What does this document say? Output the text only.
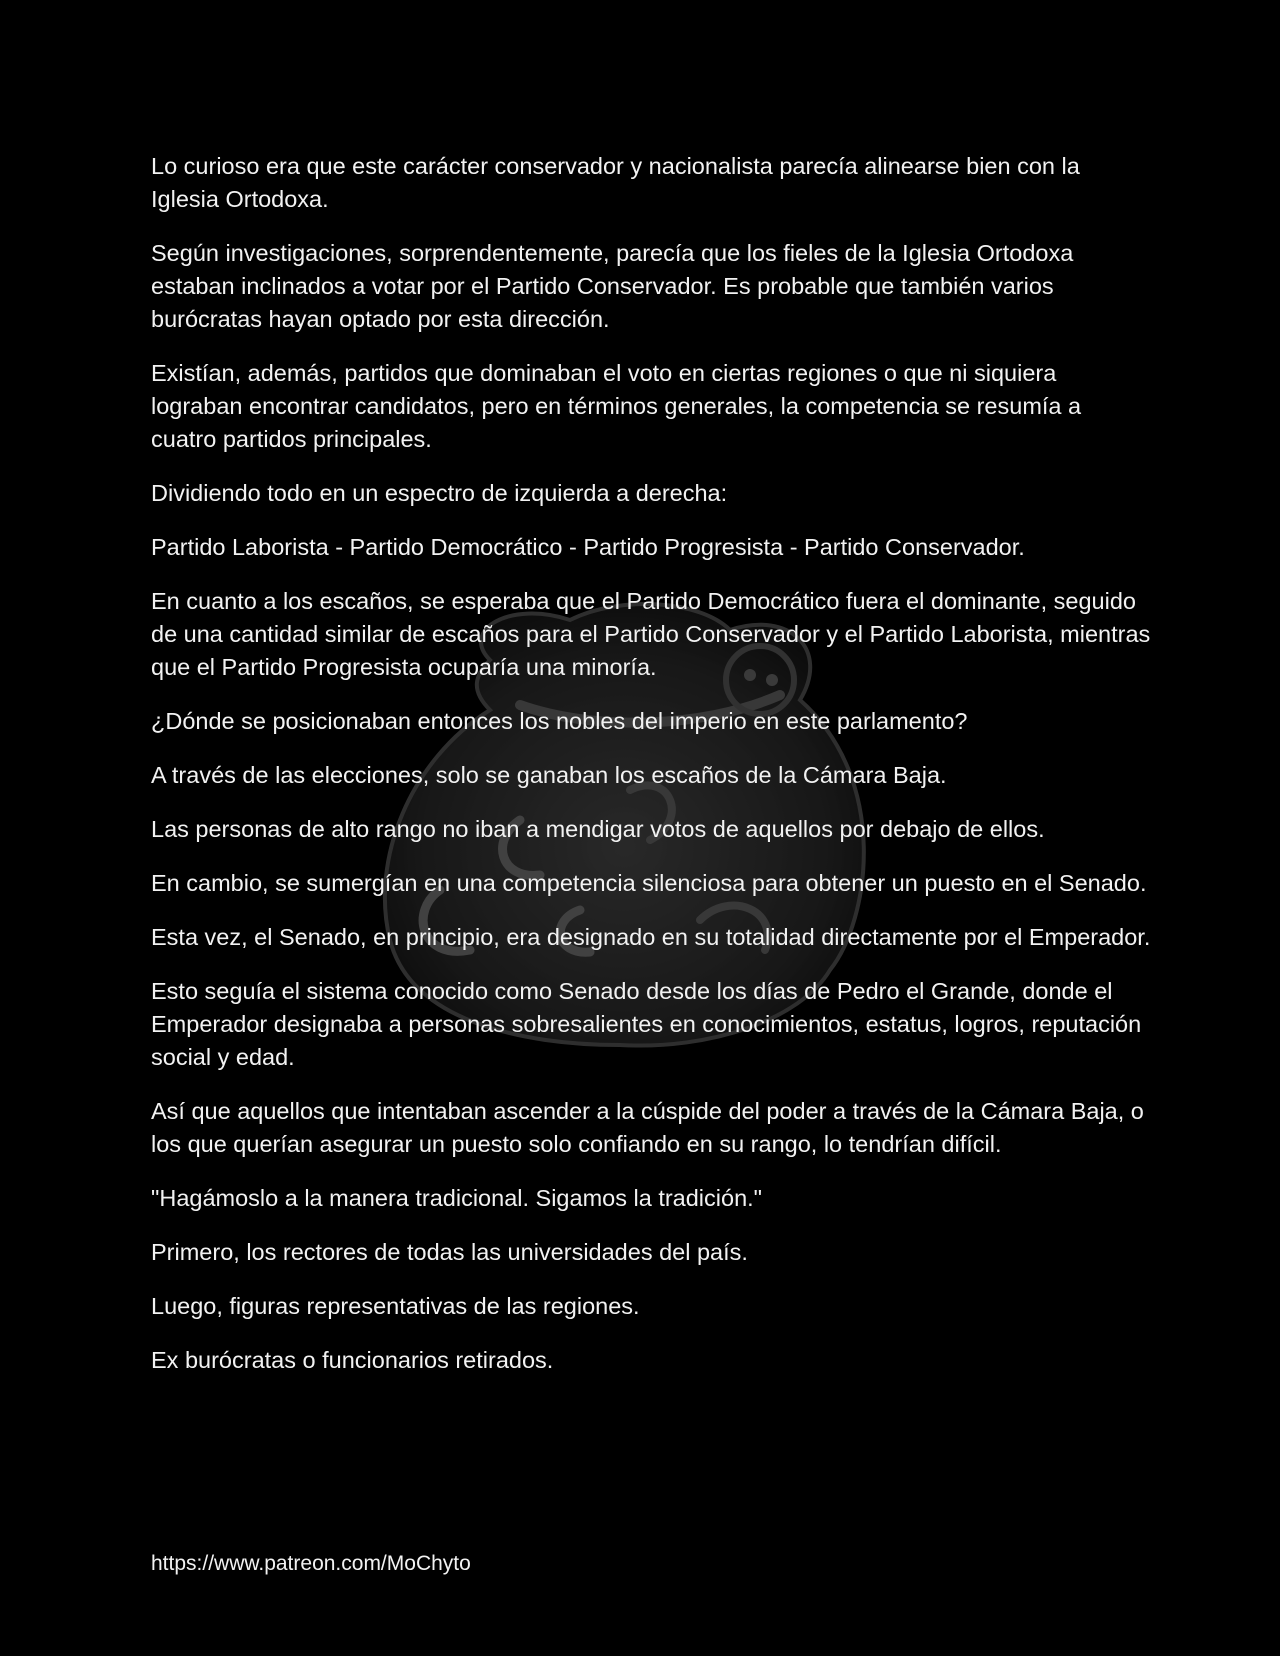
Lo curioso era que este carácter conservador y nacionalista parecía alinearse bien con la Iglesia Ortodoxa.

Según investigaciones, sorprendentemente, parecía que los fieles de la Iglesia Ortodoxa estaban inclinados a votar por el Partido Conservador. Es probable que también varios burócratas hayan optado por esta dirección.

Existían, además, partidos que dominaban el voto en ciertas regiones o que ni siquiera lograban encontrar candidatos, pero en términos generales, la competencia se resumía a cuatro partidos principales.

Dividiendo todo en un espectro de izquierda a derecha:

Partido Laborista - Partido Democrático - Partido Progresista - Partido Conservador.

En cuanto a los escaños, se esperaba que el Partido Democrático fuera el dominante, seguido de una cantidad similar de escaños para el Partido Conservador y el Partido Laborista, mientras que el Partido Progresista ocuparía una minoría.

¿Dónde se posicionaban entonces los nobles del imperio en este parlamento?

A través de las elecciones, solo se ganaban los escaños de la Cámara Baja.

Las personas de alto rango no iban a mendigar votos de aquellos por debajo de ellos.

En cambio, se sumergían en una competencia silenciosa para obtener un puesto en el Senado.

Esta vez, el Senado, en principio, era designado en su totalidad directamente por el Emperador.

Esto seguía el sistema conocido como Senado desde los días de Pedro el Grande, donde el Emperador designaba a personas sobresalientes en conocimientos, estatus, logros, reputación social y edad.

Así que aquellos que intentaban ascender a la cúspide del poder a través de la Cámara Baja, o los que querían asegurar un puesto solo confiando en su rango, lo tendrían difícil.

"Hagámoslo a la manera tradicional. Sigamos la tradición."

Primero, los rectores de todas las universidades del país.

Luego, figuras representativas de las regiones.

Ex burócratas o funcionarios retirados.

https://www.patreon.com/MoChyto
